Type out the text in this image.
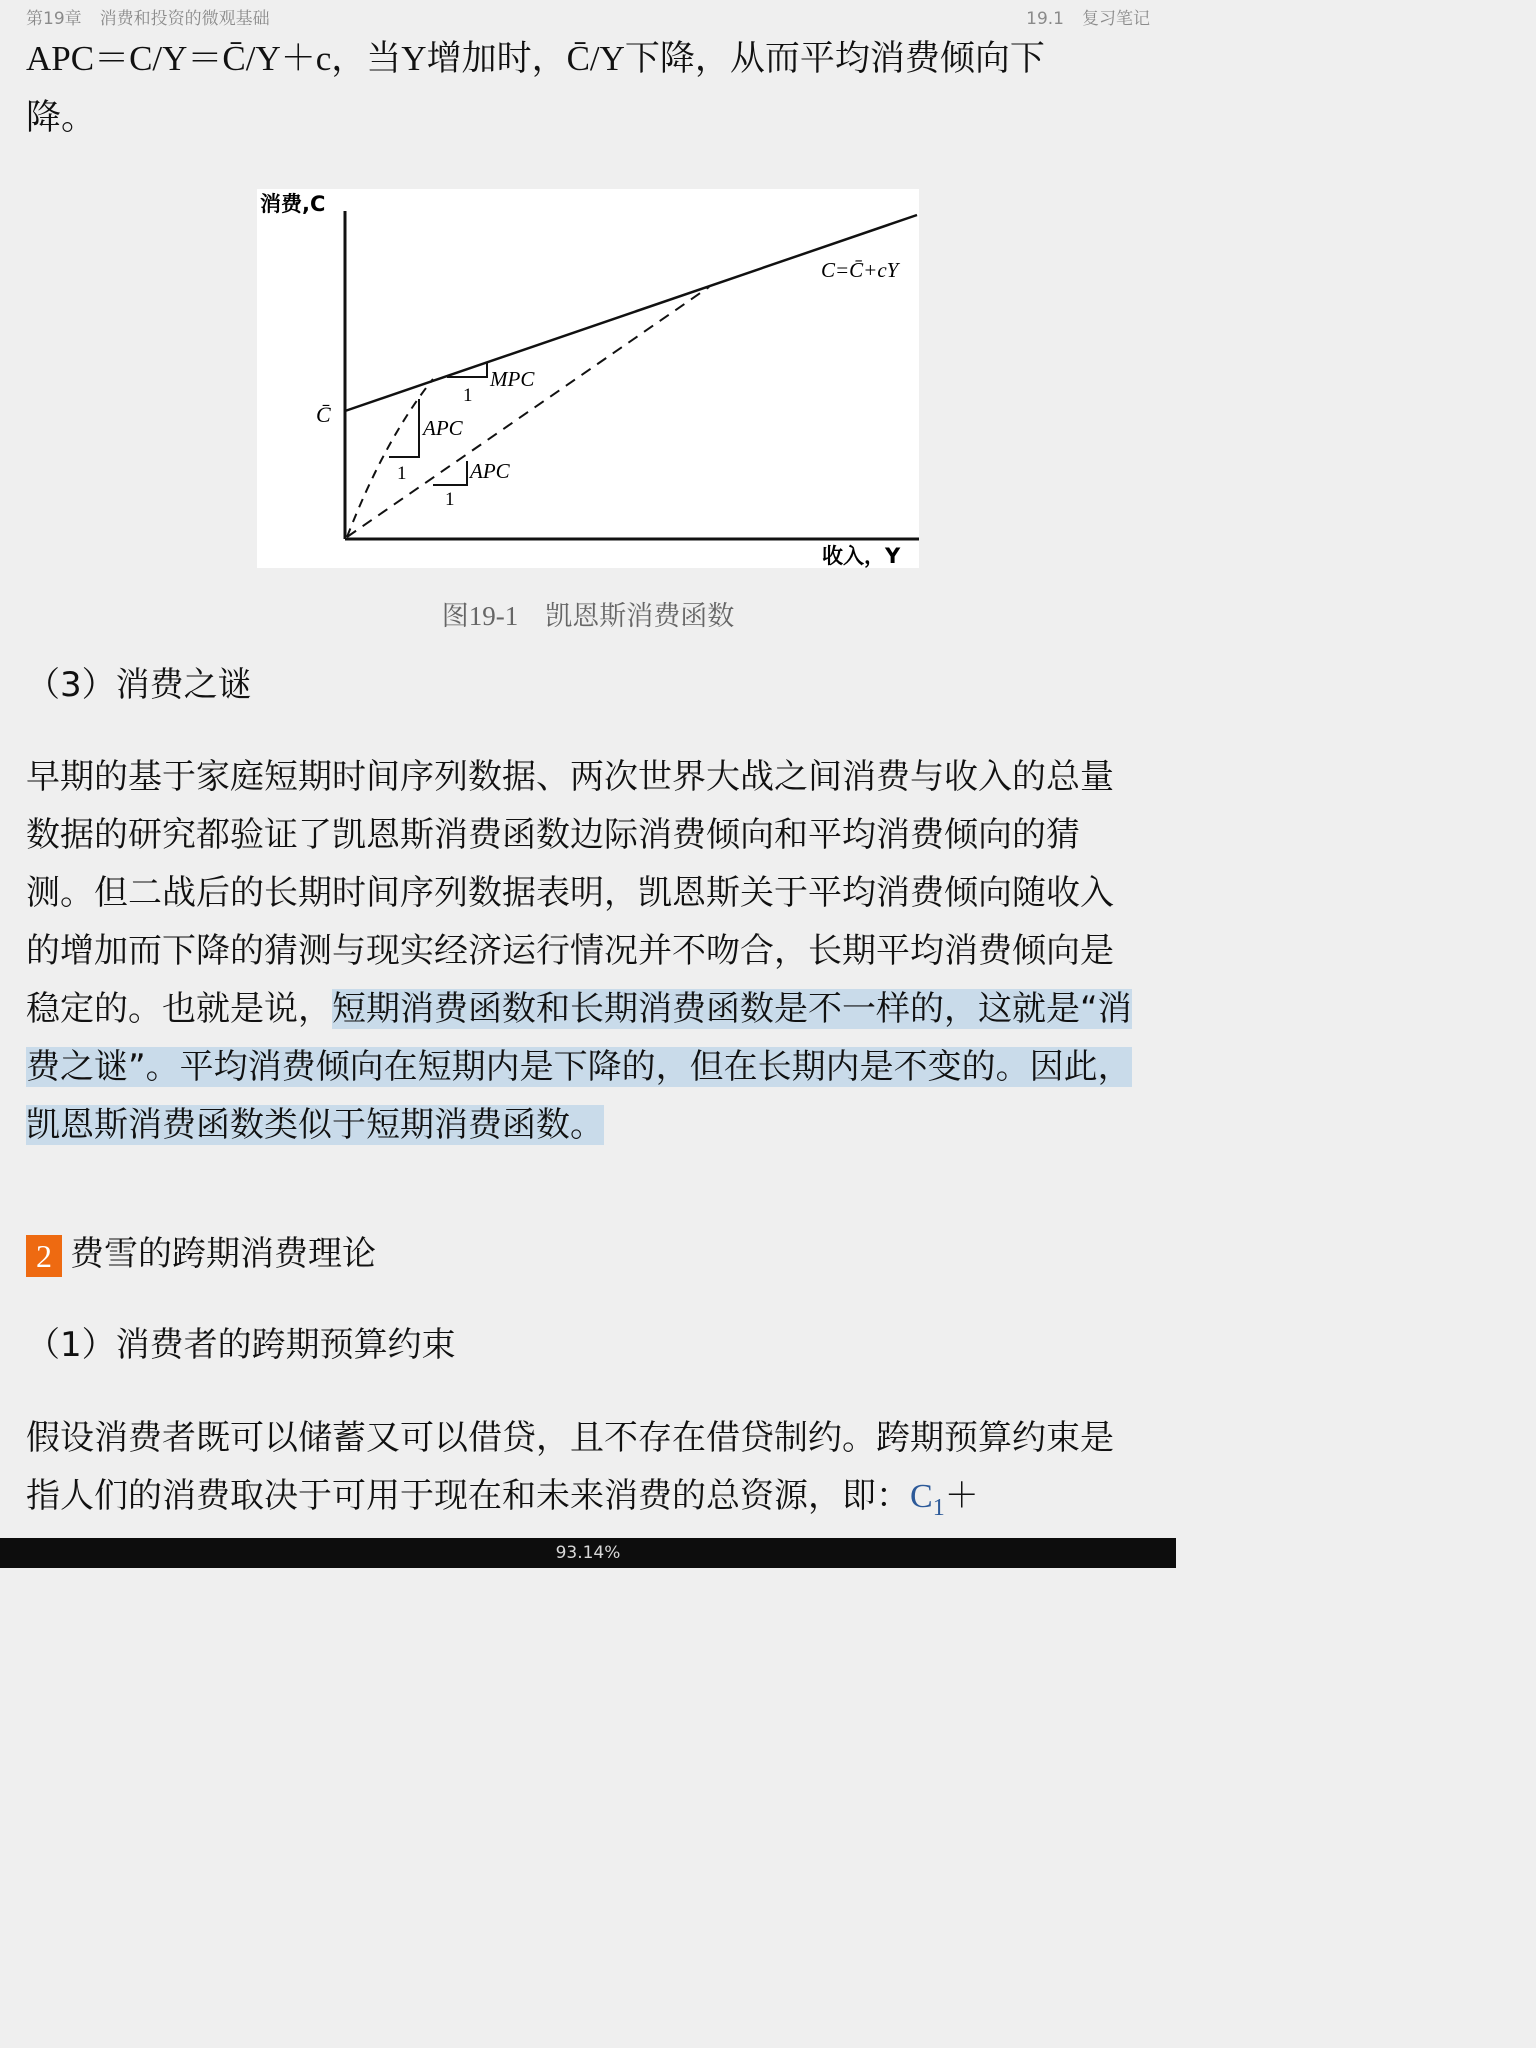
第19章 消费和投资的微观基础	19.1 复习笔记
APC＝C/Y＝C̄/Y＋c，当Y增加时，C̄/Y下降，从而平均消费倾向下
降。
消费,C
收入，Y
C̄
C=C̄+cY
MPC
1
APC
1	APC
1
图19-1　凯恩斯消费函数
（3）消费之谜
早期的基于家庭短期时间序列数据、两次世界大战之间消费与收入的总量数据的研究都验证了凯恩斯消费函数边际消费倾向和平均消费倾向的猜测。但二战后的长期时间序列数据表明，凯恩斯关于平均消费倾向随收入的增加而下降的猜测与现实经济运行情况并不吻合，长期平均消费倾向是稳定的。也就是说，短期消费函数和长期消费函数是不一样的，这就是“消费之谜”。平均消费倾向在短期内是下降的，但在长期内是不变的。因此，凯恩斯消费函数类似于短期消费函数。
2 费雪的跨期消费理论
（1）消费者的跨期预算约束
假设消费者既可以储蓄又可以借贷，且不存在借贷制约。跨期预算约束是指人们的消费取决于可用于现在和未来消费的总资源，即：$C_1+$
93.14%
